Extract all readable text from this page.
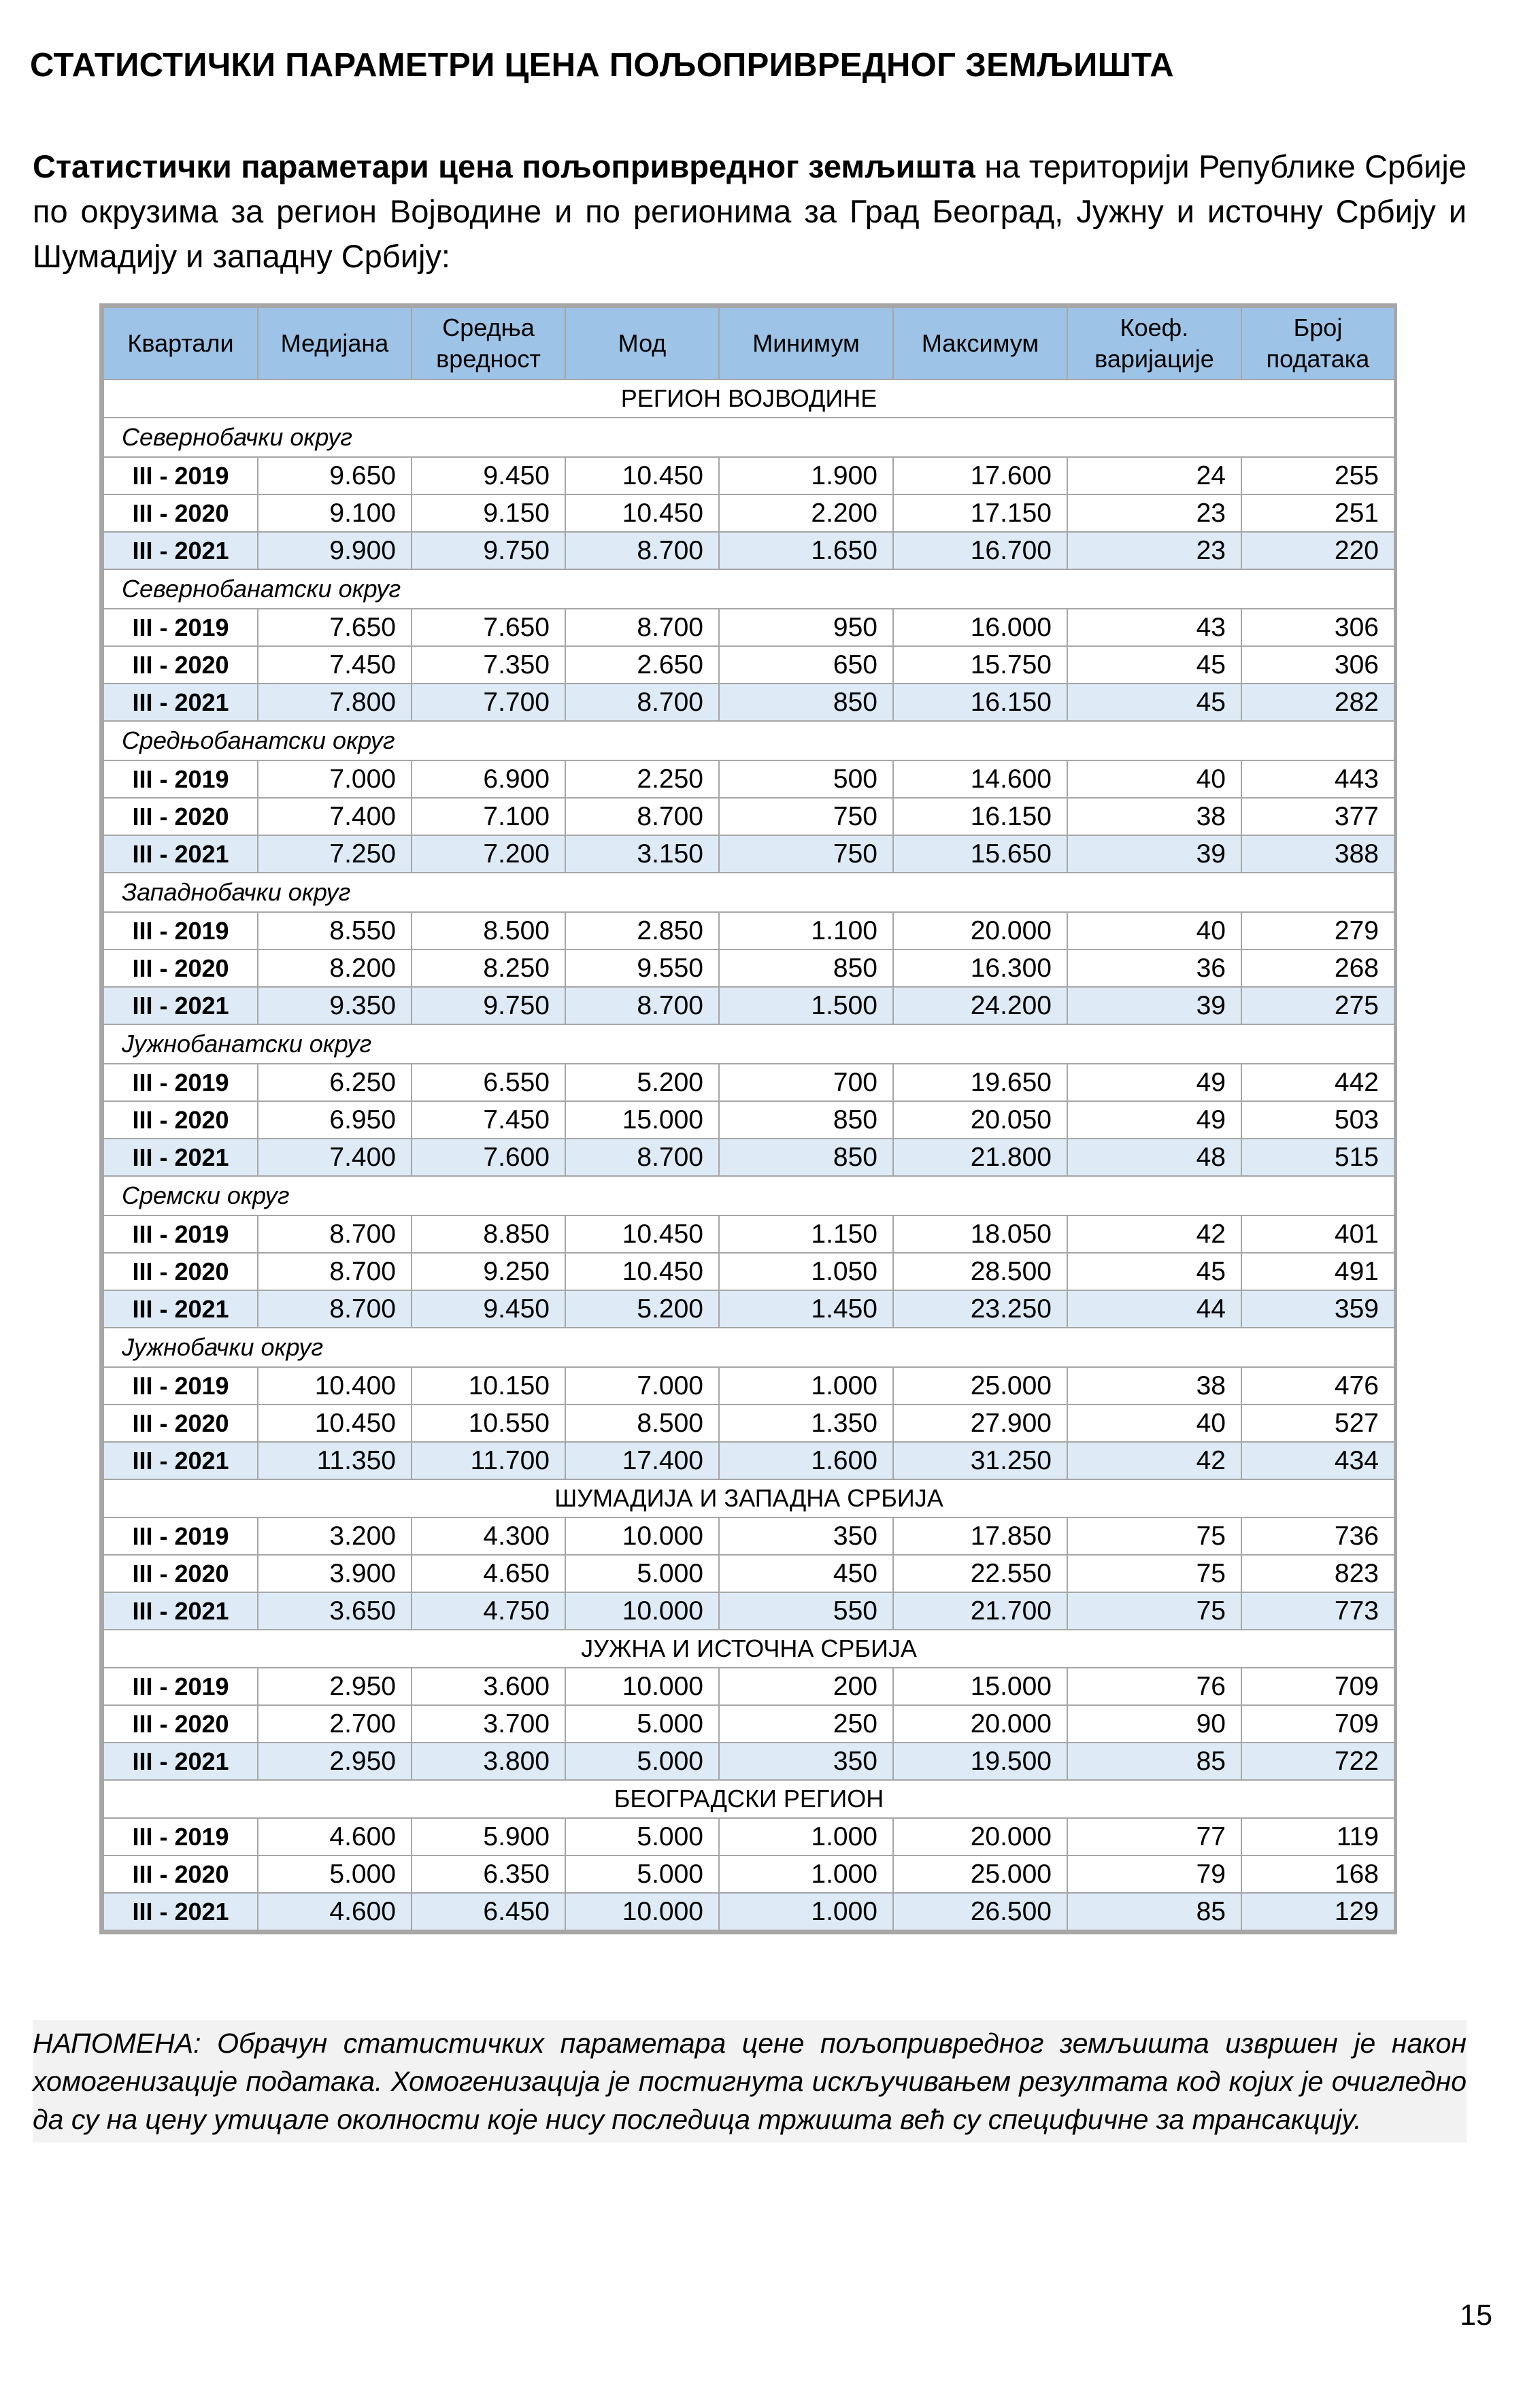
СТАТИСТИЧКИ ПАРАМЕТРИ ЦЕНА ПОЉОПРИВРЕДНОГ ЗЕМЉИШТА
Статистички параметари цена пољопривредног земљишта на територији Републике Србије по окрузима за регион Војводине и по регионима за Град Београд, Јужну и источну Србију и Шумадију и западну Србију:
Квартали	Медијана	Средња вредност	Мод	Минимум	Максимум	Коеф. варијације	Број података
РЕГИОН ВОЈВОДИНЕ							
Севернобачки округ							
III - 2019	9.650	9.450	10.450	1.900	17.600	24	255
III - 2020	9.100	9.150	10.450	2.200	17.150	23	251
III - 2021	9.900	9.750	8.700	1.650	16.700	23	220
Севернобанатски округ							
III - 2019	7.650	7.650	8.700	950	16.000	43	306
III - 2020	7.450	7.350	2.650	650	15.750	45	306
III - 2021	7.800	7.700	8.700	850	16.150	45	282
Средњобанатски округ							
III - 2019	7.000	6.900	2.250	500	14.600	40	443
III - 2020	7.400	7.100	8.700	750	16.150	38	377
III - 2021	7.250	7.200	3.150	750	15.650	39	388
Западнобачки округ							
III - 2019	8.550	8.500	2.850	1.100	20.000	40	279
III - 2020	8.200	8.250	9.550	850	16.300	36	268
III - 2021	9.350	9.750	8.700	1.500	24.200	39	275
Јужнобанатски округ							
III - 2019	6.250	6.550	5.200	700	19.650	49	442
III - 2020	6.950	7.450	15.000	850	20.050	49	503
III - 2021	7.400	7.600	8.700	850	21.800	48	515
Сремски округ							
III - 2019	8.700	8.850	10.450	1.150	18.050	42	401
III - 2020	8.700	9.250	10.450	1.050	28.500	45	491
III - 2021	8.700	9.450	5.200	1.450	23.250	44	359
Јужнобачки округ							
III - 2019	10.400	10.150	7.000	1.000	25.000	38	476
III - 2020	10.450	10.550	8.500	1.350	27.900	40	527
III - 2021	11.350	11.700	17.400	1.600	31.250	42	434
ШУМАДИЈА И ЗАПАДНА СРБИЈА							
III - 2019	3.200	4.300	10.000	350	17.850	75	736
III - 2020	3.900	4.650	5.000	450	22.550	75	823
III - 2021	3.650	4.750	10.000	550	21.700	75	773
ЈУЖНА И ИСТОЧНА СРБИЈА							
III - 2019	2.950	3.600	10.000	200	15.000	76	709
III - 2020	2.700	3.700	5.000	250	20.000	90	709
III - 2021	2.950	3.800	5.000	350	19.500	85	722
БЕОГРАДСКИ РЕГИОН							
III - 2019	4.600	5.900	5.000	1.000	20.000	77	119
III - 2020	5.000	6.350	5.000	1.000	25.000	79	168
III - 2021	4.600	6.450	10.000	1.000	26.500	85	129
НАПОМЕНА: Обрачун статистичких параметара цене пољопривредног земљишта извршен је након хомогенизације података. Хомогенизација је постигнута искључивањем резултата код којих је очигледно да су на цену утицале околности које нису последица тржишта већ су специфичне за трансакцију.
15
